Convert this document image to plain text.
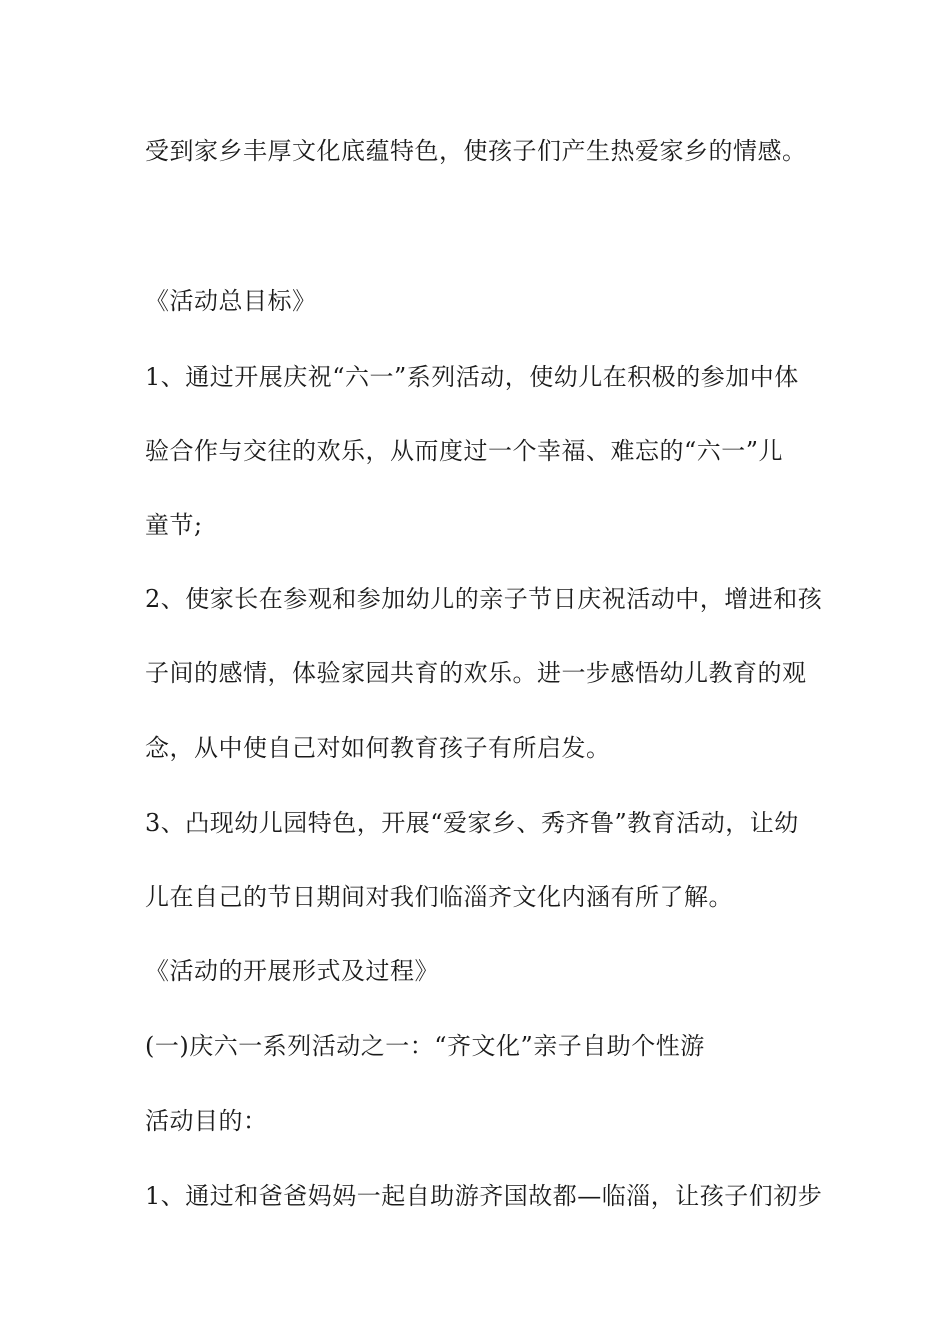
受到家乡丰厚文化底蕴特色，使孩子们产生热爱家乡的情感。
《活动总目标》
1、通过开展庆祝“六一”系列活动，使幼儿在积极的参加中体
验合作与交往的欢乐，从而度过一个幸福、难忘的“六一”儿
童节;
2、使家长在参观和参加幼儿的亲子节日庆祝活动中，增进和孩
子间的感情，体验家园共育的欢乐。进一步感悟幼儿教育的观
念，从中使自己对如何教育孩子有所启发。
3、凸现幼儿园特色，开展“爱家乡、秀齐鲁”教育活动，让幼
儿在自己的节日期间对我们临淄齐文化内涵有所了解。
《活动的开展形式及过程》
(一)庆六一系列活动之一：“齐文化”亲子自助个性游
活动目的：
1、通过和爸爸妈妈一起自助游齐国故都—临淄，让孩子们初步
